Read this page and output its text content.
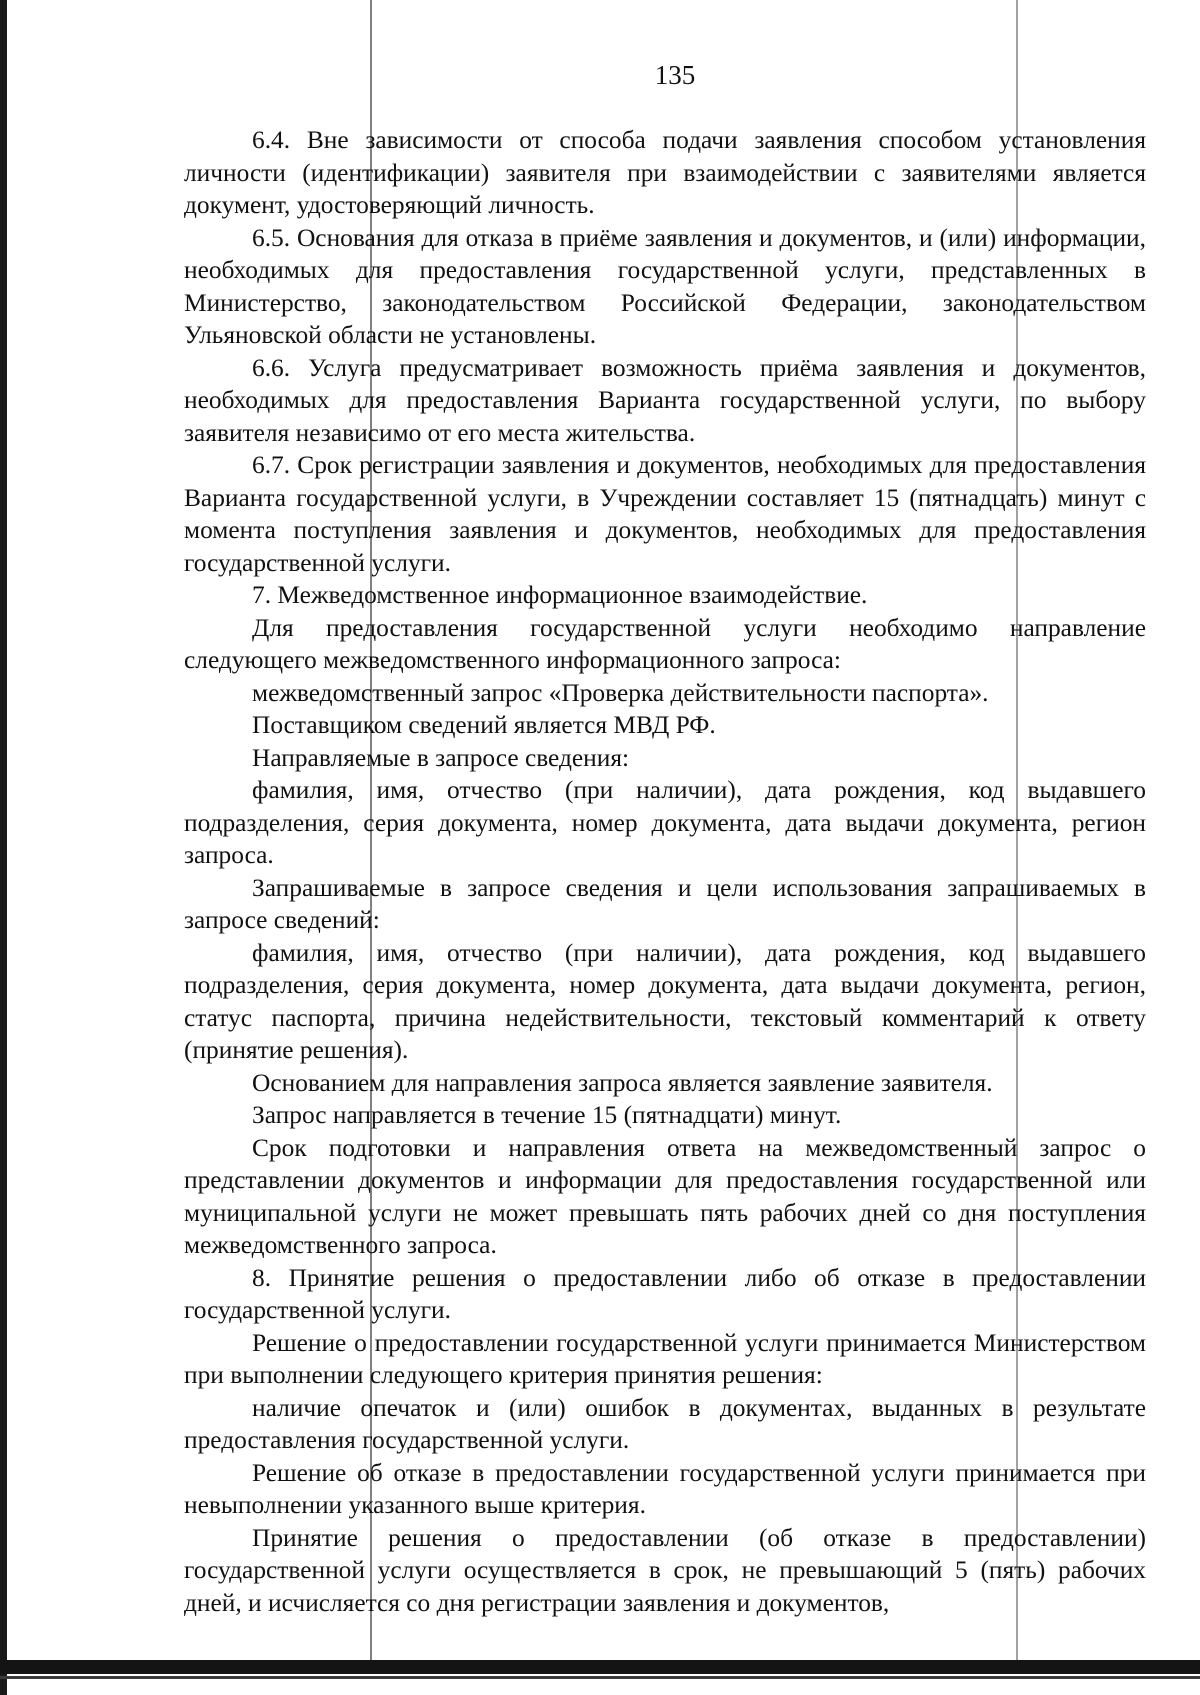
135

6.4. Вне зависимости от способа подачи заявления способом установления личности (идентификации) заявителя при взаимодействии с заявителями является документ, удостоверяющий личность.

6.5. Основания для отказа в приёме заявления и документов, и (или) информации, необходимых для предоставления государственной услуги, представленных в Министерство, законодательством Российской Федерации, законодательством Ульяновской области не установлены.

6.6. Услуга предусматривает возможность приёма заявления и документов, необходимых для предоставления Варианта государственной услуги, по выбору заявителя независимо от его места жительства.

6.7. Срок регистрации заявления и документов, необходимых для предоставления Варианта государственной услуги, в Учреждении составляет 15 (пятнадцать) минут с момента поступления заявления и документов, необходимых для предоставления государственной услуги.

7. Межведомственное информационное взаимодействие.

Для предоставления государственной услуги необходимо направление следующего межведомственного информационного запроса:

межведомственный запрос «Проверка действительности паспорта».

Поставщиком сведений является МВД РФ.

Направляемые в запросе сведения:

фамилия, имя, отчество (при наличии), дата рождения, код выдавшего подразделения, серия документа, номер документа, дата выдачи документа, регион запроса.

Запрашиваемые в запросе сведения и цели использования запрашиваемых в запросе сведений:

фамилия, имя, отчество (при наличии), дата рождения, код выдавшего подразделения, серия документа, номер документа, дата выдачи документа, регион, статус паспорта, причина недействительности, текстовый комментарий к ответу (принятие решения).

Основанием для направления запроса является заявление заявителя.

Запрос направляется в течение 15 (пятнадцати) минут.

Срок подготовки и направления ответа на межведомственный запрос о представлении документов и информации для предоставления государственной или муниципальной услуги не может превышать пять рабочих дней со дня поступления межведомственного запроса.

8. Принятие решения о предоставлении либо об отказе в предоставлении государственной услуги.

Решение о предоставлении государственной услуги принимается Министерством при выполнении следующего критерия принятия решения:

наличие опечаток и (или) ошибок в документах, выданных в результате предоставления государственной услуги.

Решение об отказе в предоставлении государственной услуги принимается при невыполнении указанного выше критерия.

Принятие решения о предоставлении (об отказе в предоставлении) государственной услуги осуществляется в срок, не превышающий 5 (пять) рабочих дней, и исчисляется со дня регистрации заявления и документов,
